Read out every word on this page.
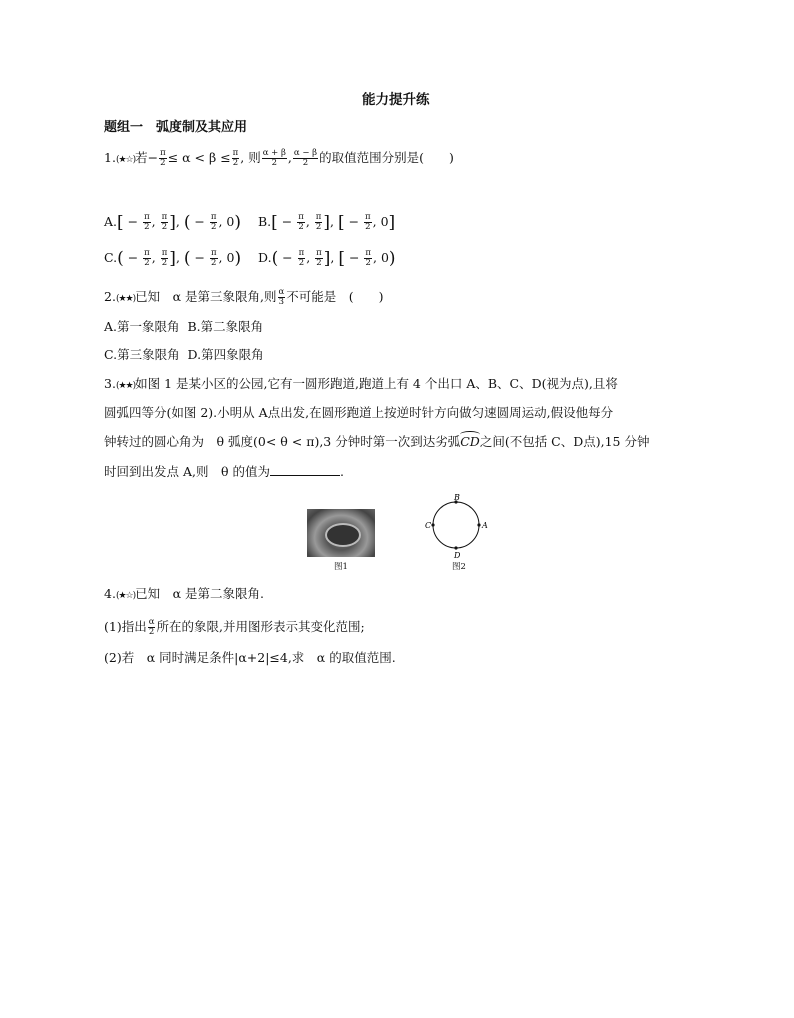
能力提升练
题组一　弧度制及其应用
1.(★☆)若− $\frac{\pi}{2} \le \alpha < \beta \le \frac{\pi}{2}$ , 则 $\frac{\alpha + \beta}{2}$ , $\frac{\alpha - \beta}{2}$ 的取值范围分别是(　　)
$A.[ - \frac{\pi}{2}$ , $\frac{\pi}{2}$ ], ( − $\frac{\pi}{2}$ , 0) $B.[ - \frac{\pi}{2}$ , $\frac{\pi}{2}$ ], [ − $\frac{\pi}{2}$ , 0]
$C.( - \frac{\pi}{2}$ , $\frac{\pi}{2}$ ], ( − $\frac{\pi}{2}$ , 0) $D.( - \frac{\pi}{2}$ , $\frac{\pi}{2}$ ], [ − $\frac{\pi}{2}$ , 0)
2.(★★)已知　α 是第三象限角,则 $\frac{\alpha}{3}$ 不可能是　(　　)
A.第一象限角 B.第二象限角
C.第三象限角 D.第四象限角
3.(★★)如图 1 是某小区的公园,它有一圆形跑道,跑道上有 4 个出口 A、B、C、D(视为点),且将
圆弧四等分(如图 2).小明从 A点出发,在圆形跑道上按逆时针方向做匀速圆周运动,假设他每分
钟转过的圆心角为　θ 弧度(0< θ < π),3 分钟时第一次到达劣弧CD之间(不包括 C、D点),15 分钟
时回到出发点 A,则　θ 的值为	.
图1
B
C	A
D
图2
4.(★☆)已知　α 是第二象限角.
(1)指出 $\frac{\alpha}{2}$ 所在的象限,并用图形表示其变化范围;
(2)若　α 同时满足条件|α+2|≤4,求　α 的取值范围.
